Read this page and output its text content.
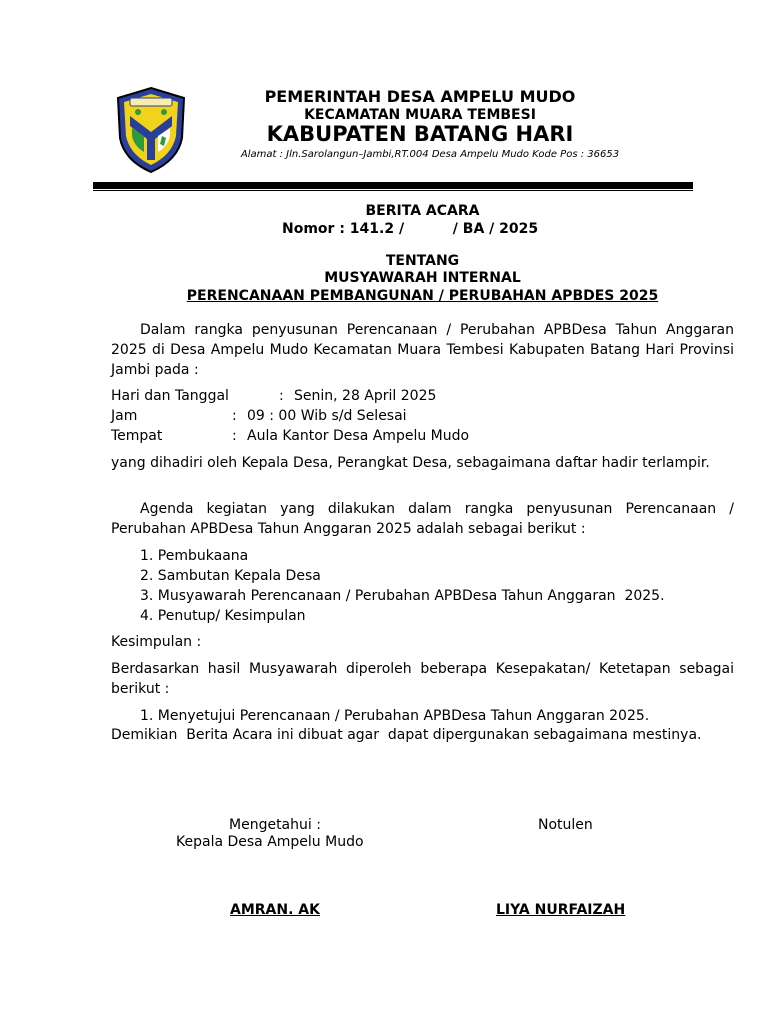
PEMERINTAH DESA AMPELU MUDO
KECAMATAN MUARA TEMBESI
KABUPATEN BATANG HARI
Alamat : Jln.Sarolangun–Jambi,RT.004 Desa Ampelu Mudo Kode Pos : 36653
BERITA ACARA
Nomor : 141.2 /          / BA / 2025
TENTANG
MUSYAWARAH INTERNAL
PERENCANAAN PEMBANGUNAN / PERUBAHAN APBDES 2025
Dalam rangka penyusunan Perencanaan / Perubahan APBDesa Tahun Anggaran 2025 di Desa Ampelu Mudo Kecamatan Muara Tembesi Kabupaten Batang Hari Provinsi Jambi pada :
Hari dan Tanggal	: Senin, 28 April 2025
Jam	: 09 : 00 Wib s/d Selesai
Tempat	: Aula Kantor Desa Ampelu Mudo
yang dihadiri oleh Kepala Desa, Perangkat Desa, sebagaimana daftar hadir terlampir.
Agenda kegiatan yang dilakukan dalam rangka penyusunan Perencanaan / Perubahan APBDesa Tahun Anggaran 2025 adalah sebagai berikut :
1. Pembukaana
2. Sambutan Kepala Desa
3. Musyawarah Perencanaan / Perubahan APBDesa Tahun Anggaran  2025.
4. Penutup/ Kesimpulan
Kesimpulan :
Berdasarkan hasil Musyawarah diperoleh beberapa Kesepakatan/ Ketetapan sebagai berikut :
1. Menyetujui Perencanaan / Perubahan APBDesa Tahun Anggaran 2025.
Demikian  Berita Acara ini dibuat agar  dapat dipergunakan sebagaimana mestinya.
Mengetahui :
Kepala Desa Ampelu Mudo
Notulen
AMRAN. AK	LIYA NURFAIZAH
